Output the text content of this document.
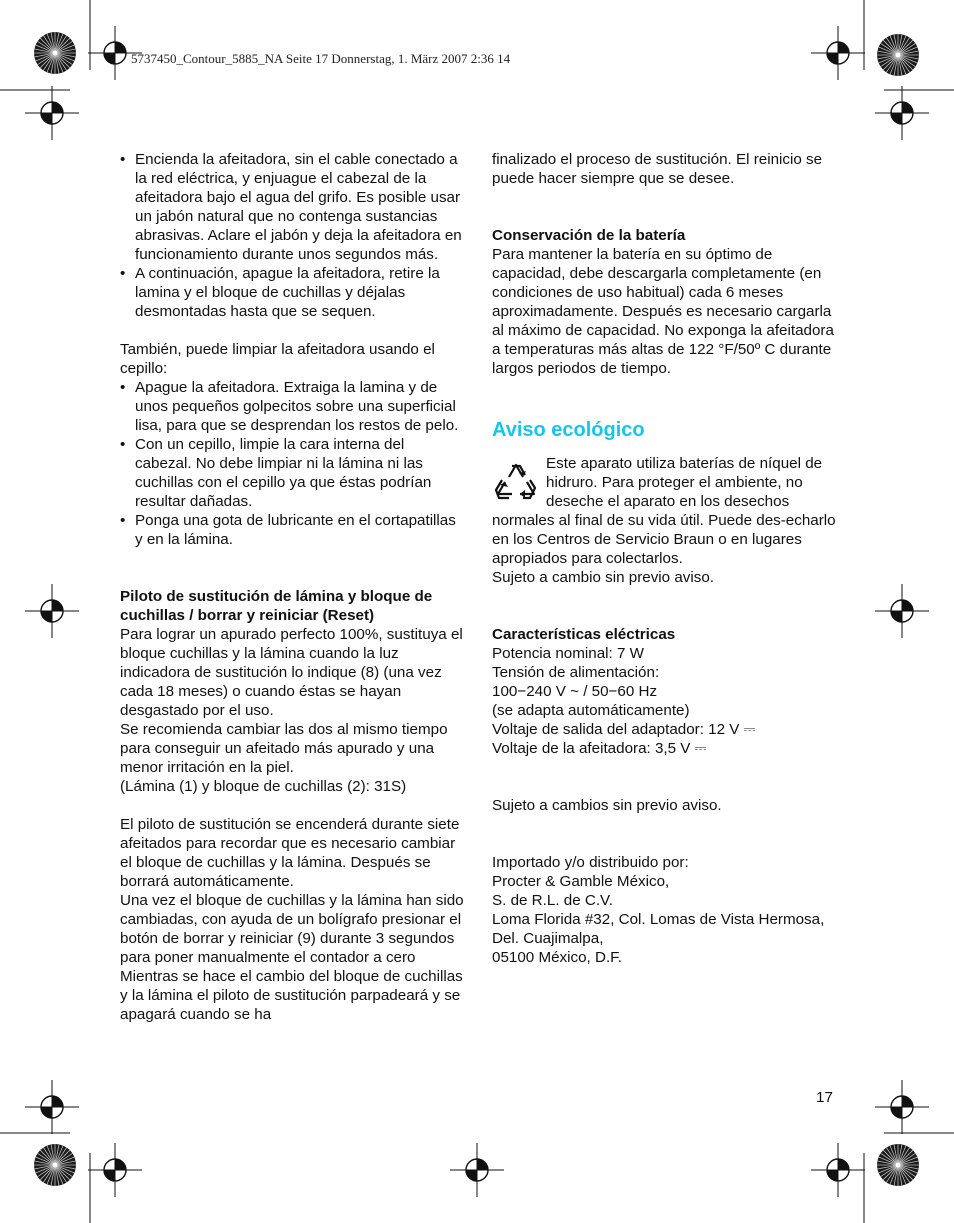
5737450_Contour_5885_NA Seite 17 Donnerstag, 1. März 2007 2:36 14

• Encienda la afeitadora, sin el cable conectado a la red eléctrica, y enjuague el cabezal de la afeitadora bajo el agua del grifo. Es posible usar un jabón natural que no contenga sustancias abrasivas. Aclare el jabón y deja la afeitadora en funcionamiento durante unos segundos más.

• A continuación, apague la afeitadora, retire la lamina y el bloque de cuchillas y déjalas desmontadas hasta que se sequen.

También, puede limpiar la afeitadora usando el cepillo:

• Apague la afeitadora. Extraiga la lamina y de unos pequeños golpecitos sobre una superficial lisa, para que se desprendan los restos de pelo.

• Con un cepillo, limpie la cara interna del cabezal. No debe limpiar ni la lámina ni las cuchillas con el cepillo ya que éstas podrían resultar dañadas.

• Ponga una gota de lubricante en el cortapatillas y en la lámina.

Piloto de sustitución de lámina y bloque de cuchillas / borrar y reiniciar (Reset)

Para lograr un apurado perfecto 100%, sustituya el bloque cuchillas y la lámina cuando la luz indicadora de sustitución lo indique (8) (una vez cada 18 meses) o cuando éstas se hayan desgastado por el uso.

Se recomienda cambiar las dos al mismo tiempo para conseguir un afeitado más apurado y una menor irritación en la piel.

(Lámina (1) y bloque de cuchillas (2): 31S)

El piloto de sustitución se encenderá durante siete afeitados para recordar que es necesario cambiar el bloque de cuchillas y la lámina. Después se borrará automáticamente.

Una vez el bloque de cuchillas y la lámina han sido cambiadas, con ayuda de un bolígrafo presionar el botón de borrar y reiniciar (9) durante 3 segundos para poner manualmente el contador a cero

Mientras se hace el cambio del bloque de cuchillas y la lámina el piloto de sustitución parpadeará y se apagará cuando se ha

finalizado el proceso de sustitución. El reinicio se puede hacer siempre que se desee.

Conservación de la batería

Para mantener la batería en su óptimo de capacidad, debe descargarla completamente (en condiciones de uso habitual) cada 6 meses aproximadamente. Después es necesario cargarla al máximo de capacidad. No exponga la afeitadora a temperaturas más altas de 122 °F/50º C durante largos periodos de tiempo.

Aviso ecológico

Este aparato utiliza baterías de níquel de hidruro. Para proteger el ambiente, no deseche el aparato en los desechos normales al final de su vida útil. Puede des-echarlo en los Centros de Servicio Braun o en lugares apropiados para colectarlos.

Sujeto a cambio sin previo aviso.

Características eléctricas

Potencia nominal: 7 W

Tensión de alimentación:

100−240 V ~ / 50−60 Hz

(se adapta automáticamente)

Voltaje de salida del adaptador: 12 V ⎓

Voltaje de la afeitadora: 3,5 V ⎓

Sujeto a cambios sin previo aviso.

Importado y/o distribuido por:

Procter & Gamble México,

S. de R.L. de C.V.

Loma Florida #32, Col. Lomas de Vista Hermosa,

Del. Cuajimalpa,

05100 México, D.F.

17
